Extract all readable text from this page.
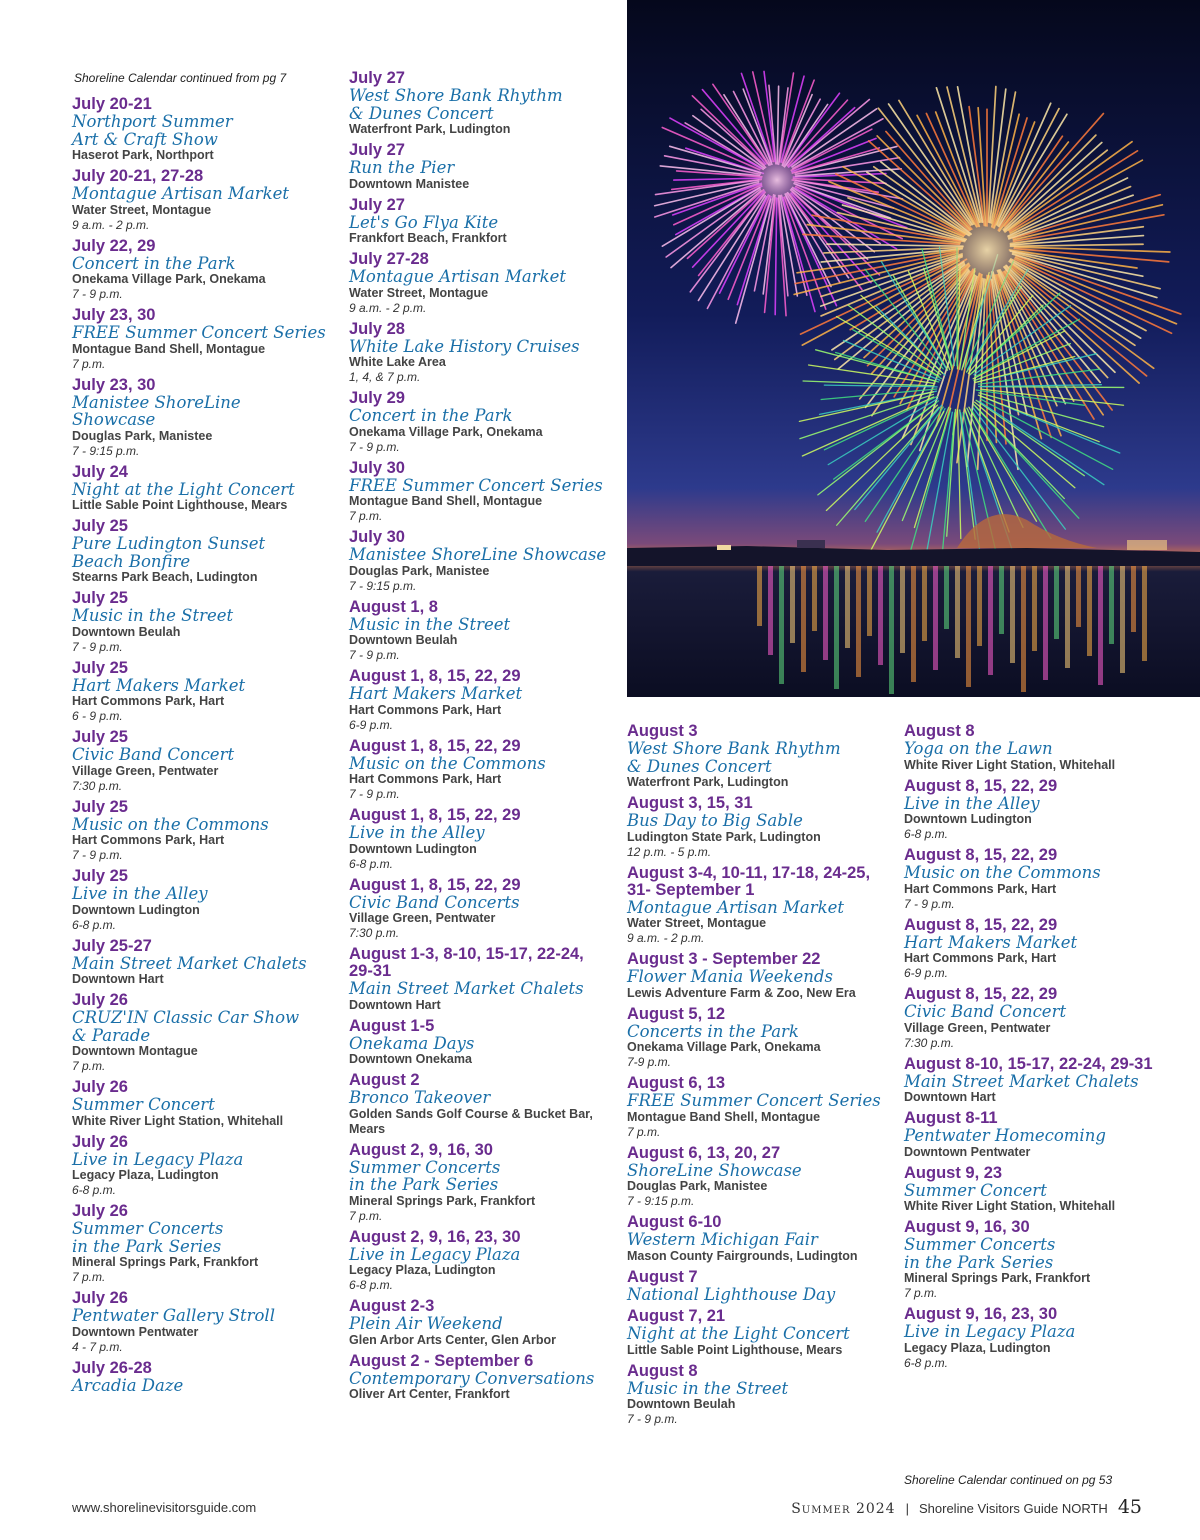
Shoreline Calendar continued from pg 7
July 20-21
Northport Summer
Art & Craft Show
Haserot Park, Northport
July 20-21, 27-28
Montague Artisan Market
Water Street, Montague
9 a.m. - 2 p.m.
July 22, 29
Concert in the Park
Onekama Village Park, Onekama
7 - 9 p.m.
July 23, 30
FREE Summer Concert Series
Montague Band Shell, Montague
7 p.m.
July 23, 30
Manistee ShoreLine Showcase
Douglas Park, Manistee
7 - 9:15 p.m.
July 24
Night at the Light Concert
Little Sable Point Lighthouse, Mears
July 25
Pure Ludington Sunset
Beach Bonfire
Stearns Park Beach, Ludington
July 25
Music in the Street
Downtown Beulah
7 - 9 p.m.
July 25
Hart Makers Market
Hart Commons Park, Hart
6 - 9 p.m.
July 25
Civic Band Concert
Village Green, Pentwater
7:30 p.m.
July 25
Music on the Commons
Hart Commons Park, Hart
7 - 9 p.m.
July 25
Live in the Alley
Downtown Ludington
6-8 p.m.
July 25-27
Main Street Market Chalets
Downtown Hart
July 26
CRUZ'IN Classic Car Show
& Parade
Downtown Montague
7 p.m.
July 26
Summer Concert
White River Light Station, Whitehall
July 26
Live in Legacy Plaza
Legacy Plaza, Ludington
6-8 p.m.
July 26
Summer Concerts
in the Park Series
Mineral Springs Park, Frankfort
7 p.m.
July 26
Pentwater Gallery Stroll
Downtown Pentwater
4 - 7 p.m.
July 26-28
Arcadia Daze
July 27
West Shore Bank Rhythm
& Dunes Concert
Waterfront Park, Ludington
July 27
Run the Pier
Downtown Manistee
July 27
Let's Go Flya Kite
Frankfort Beach, Frankfort
July 27-28
Montague Artisan Market
Water Street, Montague
9 a.m. - 2 p.m.
July 28
White Lake History Cruises
White Lake Area
1, 4, & 7 p.m.
July 29
Concert in the Park
Onekama Village Park, Onekama
7 - 9 p.m.
July 30
FREE Summer Concert Series
Montague Band Shell, Montague
7 p.m.
July 30
Manistee ShoreLine Showcase
Douglas Park, Manistee
7 - 9:15 p.m.
August 1, 8
Music in the Street
Downtown Beulah
7 - 9 p.m.
August 1, 8, 15, 22, 29
Hart Makers Market
Hart Commons Park, Hart
6-9 p.m.
August 1, 8, 15, 22, 29
Music on the Commons
Hart Commons Park, Hart
7 - 9 p.m.
August 1, 8, 15, 22, 29
Live in the Alley
Downtown Ludington
6-8 p.m.
August 1, 8, 15, 22, 29
Civic Band Concerts
Village Green, Pentwater
7:30 p.m.
August 1-3, 8-10, 15-17, 22-24, 29-31
Main Street Market Chalets
Downtown Hart
August 1-5
Onekama Days
Downtown Onekama
August 2
Bronco Takeover
Golden Sands Golf Course & Bucket Bar, Mears
August 2, 9, 16, 30
Summer Concerts
in the Park Series
Mineral Springs Park, Frankfort
7 p.m.
August 2, 9, 16, 23, 30
Live in Legacy Plaza
Legacy Plaza, Ludington
6-8 p.m.
August 2-3
Plein Air Weekend
Glen Arbor Arts Center, Glen Arbor
August 2 - September 6
Contemporary Conversations
Oliver Art Center, Frankfort
August 3
West Shore Bank Rhythm
& Dunes Concert
Waterfront Park, Ludington
August 3, 15, 31
Bus Day to Big Sable
Ludington State Park, Ludington
12 p.m. - 5 p.m.
August 3-4, 10-11, 17-18, 24-25, 31- September 1
Montague Artisan Market
Water Street, Montague
9 a.m. - 2 p.m.
August 3 - September 22
Flower Mania Weekends
Lewis Adventure Farm & Zoo, New Era
August 5, 12
Concerts in the Park
Onekama Village Park, Onekama
7-9 p.m.
August 6, 13
FREE Summer Concert Series
Montague Band Shell, Montague
7 p.m.
August 6, 13, 20, 27
ShoreLine Showcase
Douglas Park, Manistee
7 - 9:15 p.m.
August 6-10
Western Michigan Fair
Mason County Fairgrounds, Ludington
August 7
National Lighthouse Day
August 7, 21
Night at the Light Concert
Little Sable Point Lighthouse, Mears
August 8
Music in the Street
Downtown Beulah
7 - 9 p.m.
August 8
Yoga on the Lawn
White River Light Station, Whitehall
August 8, 15, 22, 29
Live in the Alley
Downtown Ludington
6-8 p.m.
August 8, 15, 22, 29
Music on the Commons
Hart Commons Park, Hart
7 - 9 p.m.
August 8, 15, 22, 29
Hart Makers Market
Hart Commons Park, Hart
6-9 p.m.
August 8, 15, 22, 29
Civic Band Concert
Village Green, Pentwater
7:30 p.m.
August 8-10, 15-17, 22-24, 29-31
Main Street Market Chalets
Downtown Hart
August 8-11
Pentwater Homecoming
Downtown Pentwater
August 9, 23
Summer Concert
White River Light Station, Whitehall
August 9, 16, 30
Summer Concerts
in the Park Series
Mineral Springs Park, Frankfort
7 p.m.
August 9, 16, 23, 30
Live in Legacy Plaza
Legacy Plaza, Ludington
6-8 p.m.
Shoreline Calendar continued on pg 53
www.shorelinevisitorsguide.com	Summer 2024 | Shoreline Visitors Guide NORTH 45
